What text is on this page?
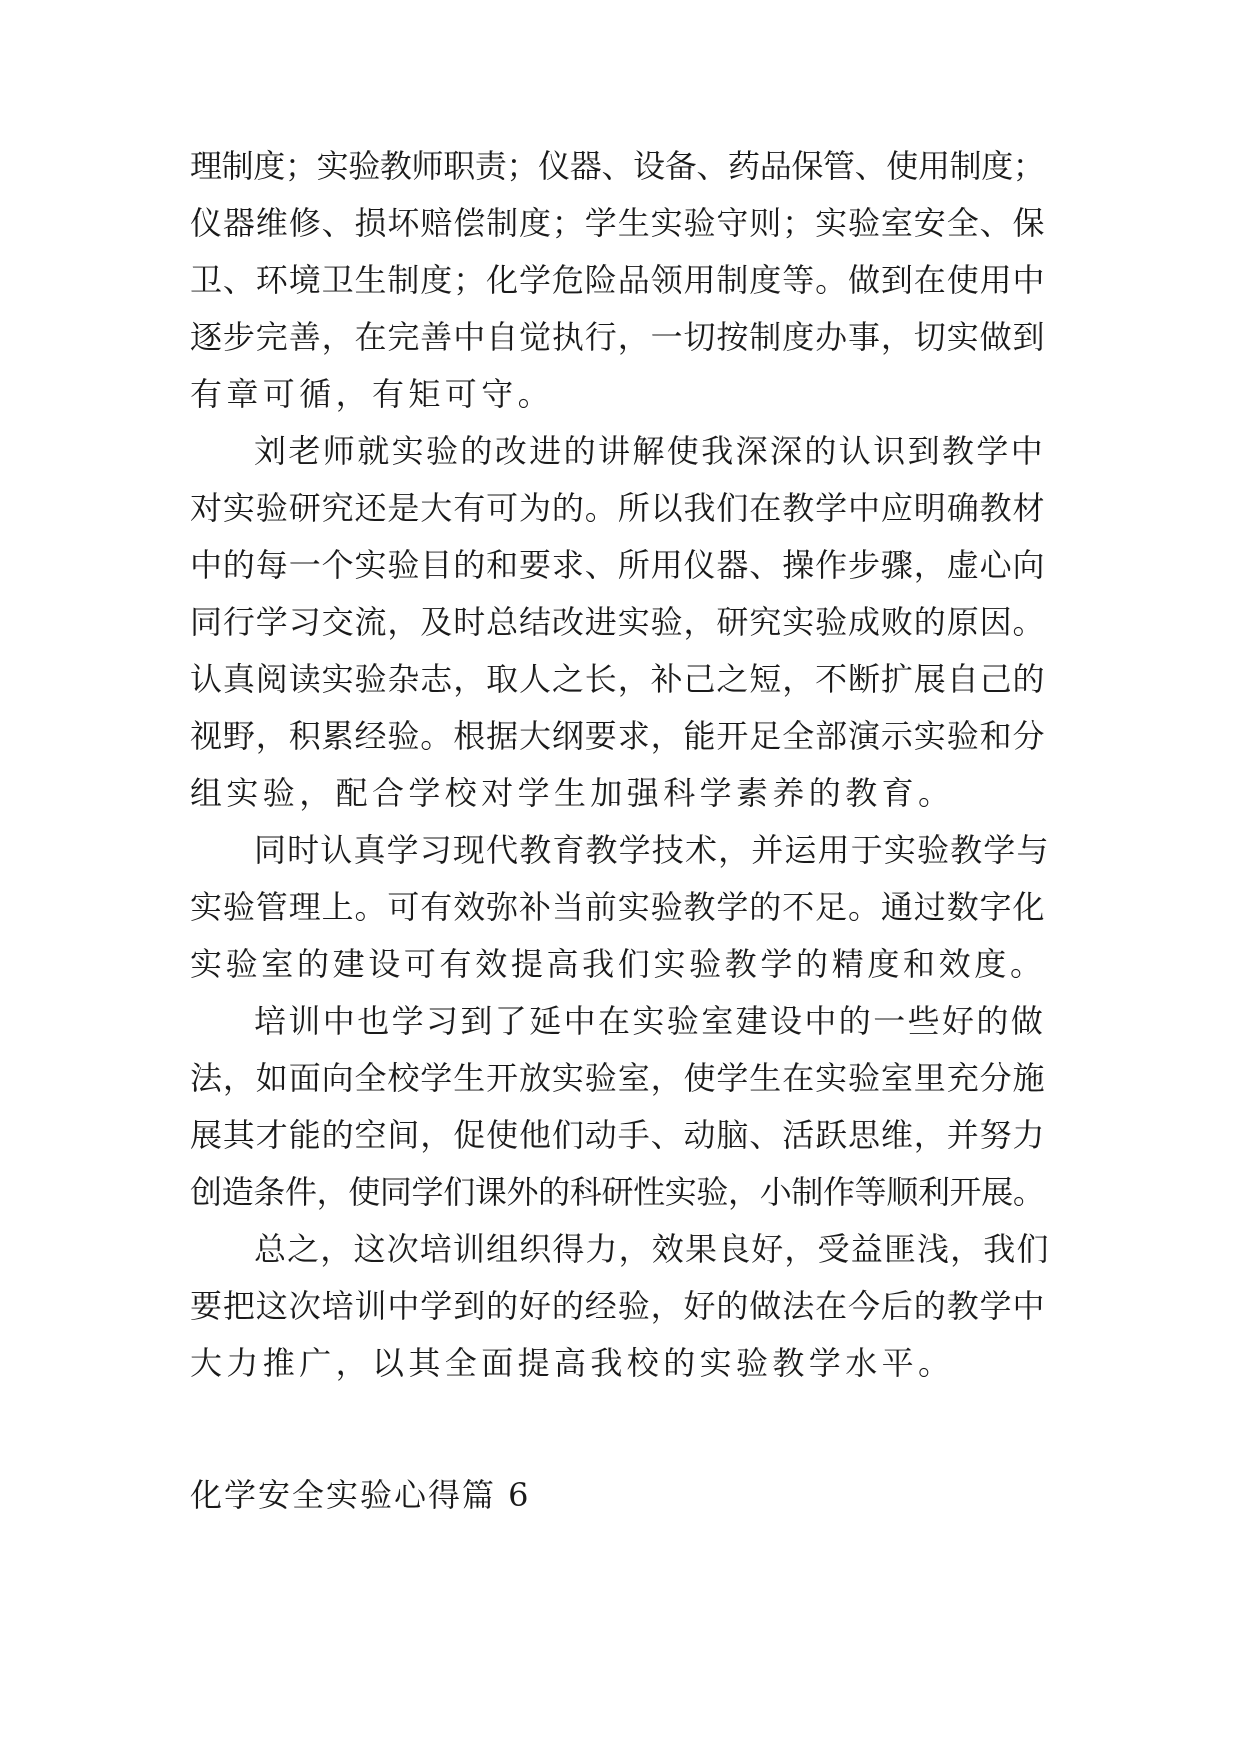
理制度；实验教师职责；仪器、设备、药品保管、使用制度；
仪器维修、损坏赔偿制度；学生实验守则；实验室安全、保
卫、环境卫生制度；化学危险品领用制度等。做到在使用中
逐步完善，在完善中自觉执行，一切按制度办事，切实做到
有章可循，有矩可守。
刘老师就实验的改进的讲解使我深深的认识到教学中
对实验研究还是大有可为的。所以我们在教学中应明确教材
中的每一个实验目的和要求、所用仪器、操作步骤，虚心向
同行学习交流，及时总结改进实验，研究实验成败的原因。
认真阅读实验杂志，取人之长，补己之短，不断扩展自己的
视野，积累经验。根据大纲要求，能开足全部演示实验和分
组实验，配合学校对学生加强科学素养的教育。
同时认真学习现代教育教学技术，并运用于实验教学与
实验管理上。可有效弥补当前实验教学的不足。通过数字化
实验室的建设可有效提高我们实验教学的精度和效度。
培训中也学习到了延中在实验室建设中的一些好的做
法，如面向全校学生开放实验室，使学生在实验室里充分施
展其才能的空间，促使他们动手、动脑、活跃思维，并努力
创造条件，使同学们课外的科研性实验，小制作等顺利开展。
总之，这次培训组织得力，效果良好，受益匪浅，我们
要把这次培训中学到的好的经验，好的做法在今后的教学中
大力推广，以其全面提高我校的实验教学水平。
化学安全实验心得篇 6
